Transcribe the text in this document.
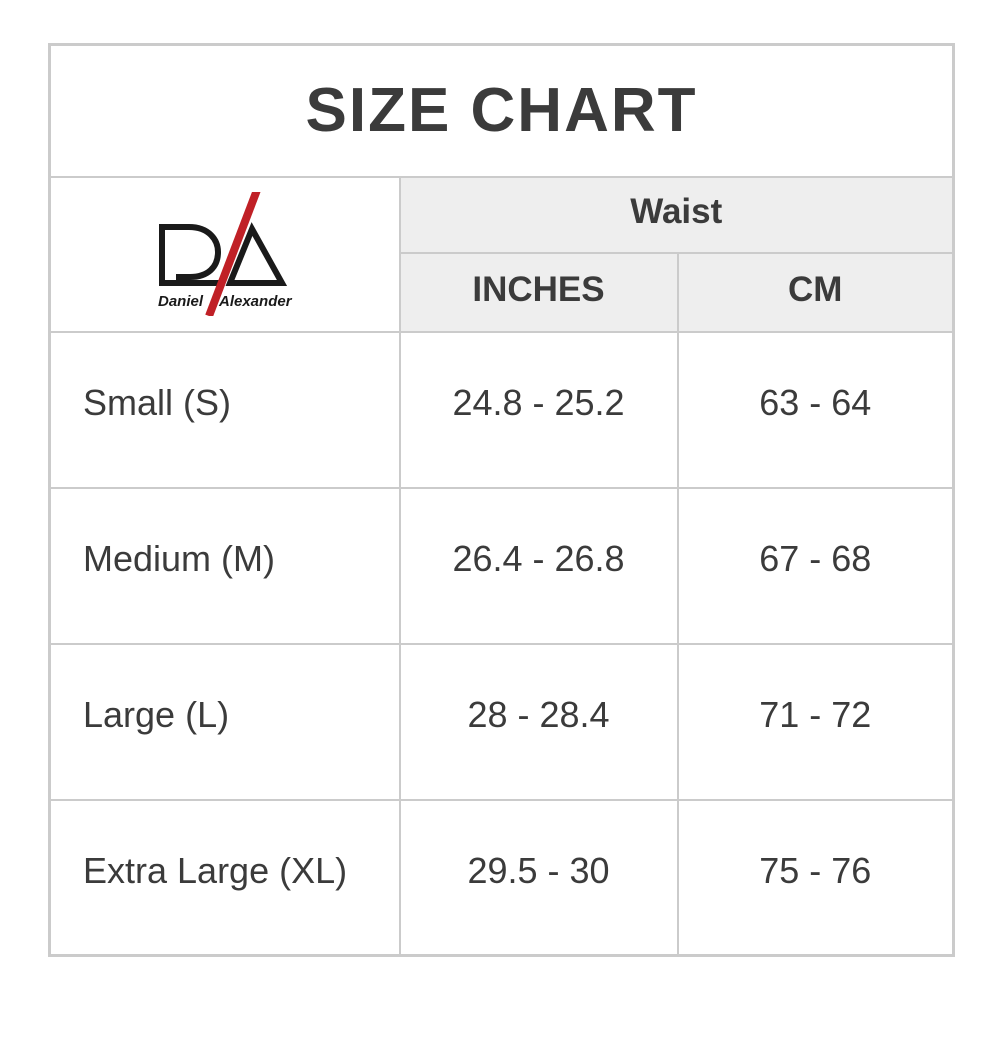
SIZE CHART		

Daniel Alexander	Waist	
	INCHES	CM
Small (S)	24.8 - 25.2	63 - 64
Medium (M)	26.4 - 26.8	67 - 68
Large (L)	28 - 28.4	71 - 72
Extra Large (XL)	29.5 - 30	75 - 76
